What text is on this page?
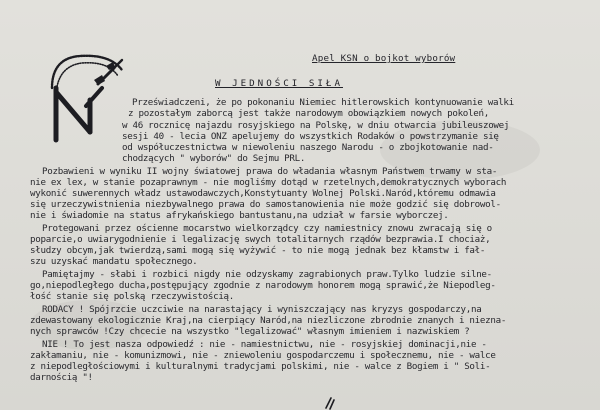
Apel KSN o bojkot wyborów
W JEDNOŚCI SIŁA
Przeświadczeni, że po pokonaniu Niemiec hitlerowskich kontynuowanie walki
z pozostałym zaborcą jest także narodowym obowiązkiem nowych pokoleń,
w 46 rocznicę najazdu rosyjskiego na Polskę, w dniu otwarcia jubileuszowej
sesji 40 - lecia ONZ apelujemy do wszystkich Rodaków o powstrzymanie się
od współuczestnictwa w niewoleniu naszego Narodu - o zbojkotowanie nad-
chodzących " wyborów" do Sejmu PRL.
Pozbawieni w wyniku II wojny światowej prawa do władania własnym Państwem trwamy w sta-
nie ex lex, w stanie pozaprawnym - nie mogliśmy dotąd w rzetelnych,demokratycznych wyborach
wykonić suwerennych władz ustawodawczych,Konstytuanty Wolnej Polski.Naród,któremu odmawia
się urzeczywistnienia niezbywalnego prawa do samostanowienia nie może godzić się dobrowol-
nie i świadomie na status afrykańskiego bantustanu,na udział w farsie wyborczej.
Protegowani przez ościenne mocarstwo wielkorządcy czy namiestnicy znowu zwracają się o
poparcie,o uwiarygodnienie i legalizację swych totalitarnych rządów bezprawia.I chociaż,
słudzy obcym,jak twierdzą,sami mogą się wyżywić - to nie mogą jednak bez kłamstw i fał-
szu uzyskać mandatu społecznego.
Pamiętajmy - słabi i rozbici nigdy nie odzyskamy zagrabionych praw.Tylko ludzie silne-
go,niepodległego ducha,postępujący zgodnie z narodowym honorem mogą sprawić,że Niepodleg-
łość stanie się polską rzeczywistością.
RODACY ! Spójrzcie uczciwie na narastający i wyniszczający nas kryzys gospodarczy,na
zdewastowany ekologicznie Kraj,na cierpiący Naród,na niezliczone zbrodnie znanych i niezna-
nych sprawców !Czy chcecie na wszystko "legalizować" własnym imieniem i nazwiskiem ?
NIE ! To jest nasza odpowiedź : nie - namiestnictwu, nie - rosyjskiej dominacji,nie -
zakłamaniu, nie - komunizmowi, nie - zniewoleniu gospodarczemu i społecznemu, nie - walce
z niepodległościowymi i kulturalnymi tradycjami polskimi, nie - walce z Bogiem i " Soli-
darnością "!
